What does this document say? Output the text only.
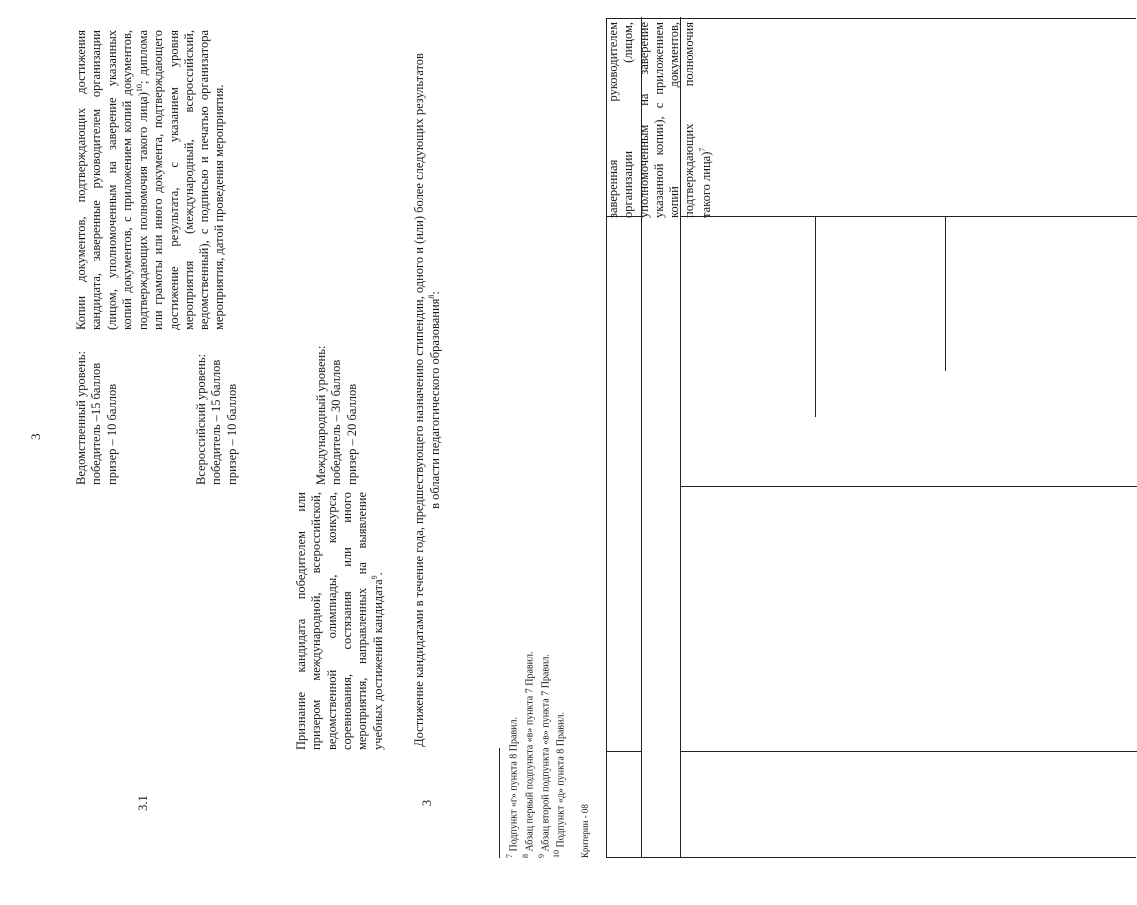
3
заверенная руководителем организации (лицом, уполномоченным на заверение указанной копии), с приложением копий документов, подтверждающих полномочия такого лица)$^7$
$^7$ Подпункт «г» пункта 8 Правил.
$^8$ Абзац первый подпункта «в» пункта 7 Правил.
$^9$ Абзац второй подпункта «в» пункта 7 Правил.
$^{10}$ Подпункт «д» пункта 8 Правил. Критерии - 08
3
Достижение кандидатами в течение года, предшествующего назначению стипендии, одного и (или) более следующих результатов в области педагогического образования$^8$:
3.1
Признание кандидата победителем или призером международной, всероссийской, ведомственной олимпиады, конкурса, соревнования, состязания или иного мероприятия, направленных на выявление учебных достижений кандидата$^9$.
Международный уровень: победитель – 30 баллов призер – 20 баллов
Всероссийский уровень: победитель – 15 баллов призер – 10 баллов
Ведомственный уровень: победитель –15 баллов призер – 10 баллов
Копии документов, подтверждающих достижения кандидата, заверенные руководителем организации (лицом, уполномоченным на заверение указанных копий документов, с приложением копий документов, подтверждающих полномочия такого лица)$^{10}$; диплома или грамоты или иного документа, подтверждающего достижение результата, с указанием уровня мероприятия (международный, всероссийский, ведомственный), с подписью и печатью организатора мероприятия, датой проведения мероприятия.
